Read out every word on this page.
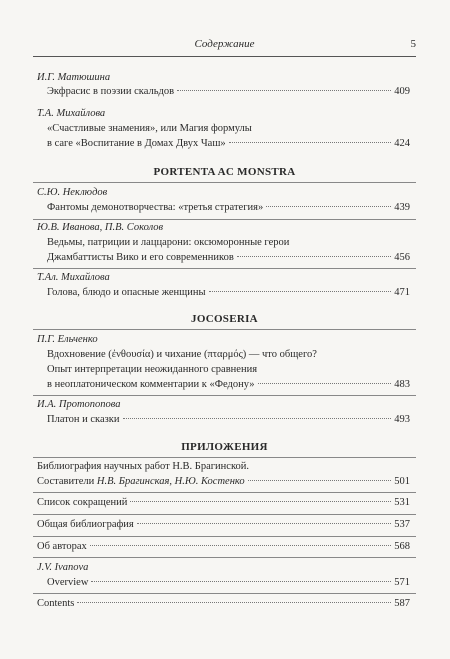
Содержание	5
И.Г. Матюшина
Экфрасис в поэзии скальдов	409
Т.А. Михайлова
«Счастливые знамения», или Магия формулы
в саге «Воспитание в Домах Двух Чаш»	424
PORTENTA AC MONSTRA
С.Ю. Неклюдов
Фантомы демонотворчества: «третья стратегия»	439
Ю.В. Иванова, П.В. Соколов
Ведьмы, патриции и лаццарони: оксюморонные герои
Джамбаттисты Вико и его современников	456
Т.Ал. Михайлова
Голова, блюдо и опасные женщины	471
JOCOSERIA
П.Г. Ельченко
Вдохновение (ἐνθουσία) и чихание (πταρμός) — что общего?
Опыт интерпретации неожиданного сравнения
в неоплатоническом комментарии к «Федону»	483
И.А. Протопопова
Платон и сказки	493
ПРИЛОЖЕНИЯ
Библиография научных работ Н.В. Брагинской.
Составители Н.В. Брагинская, Н.Ю. Костенко	501
Список сокращений	531
Общая библиография	537
Об авторах	568
J.V. Ivanova
Overview	571
Contents	587
